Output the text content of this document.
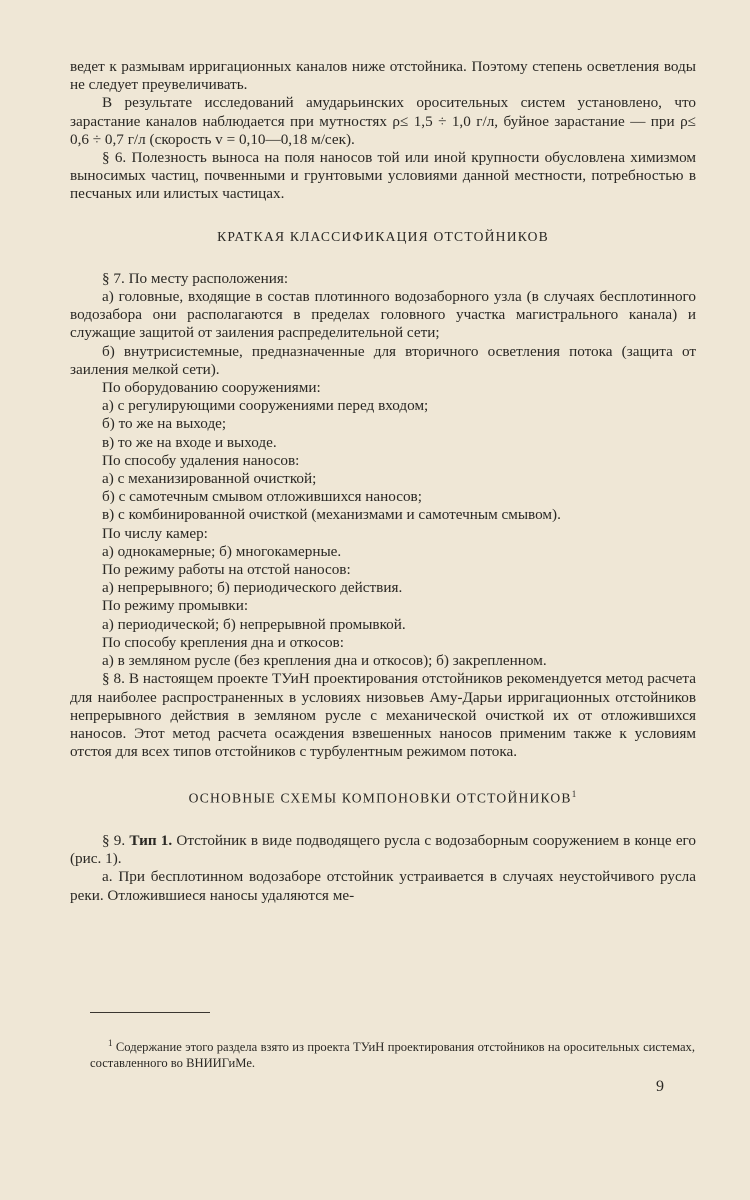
ведет к размывам ирригационных каналов ниже отстойника. Поэтому степень осветления воды не следует преувеличивать.

В результате исследований амударьинских оросительных систем установлено, что зарастание каналов наблюдается при мутностях ρ≤ 1,5 ÷ 1,0 г/л, буйное зарастание — при ρ≤ 0,6 ÷ 0,7 г/л (скорость v = 0,10—0,18 м/сек).

§ 6. Полезность выноса на поля наносов той или иной крупности обусловлена химизмом выносимых частиц, почвенными и грунтовыми условиями данной местности, потребностью в песчаных или илистых частицах.

КРАТКАЯ КЛАССИФИКАЦИЯ ОТСТОЙНИКОВ

§ 7. По месту расположения:

а) головные, входящие в состав плотинного водозаборного узла (в случаях бесплотинного водозабора они располагаются в пределах головного участка магистрального канала) и служащие защитой от заиления распределительной сети;

б) внутрисистемные, предназначенные для вторичного осветления потока (защита от заиления мелкой сети).

По оборудованию сооружениями:

а) с регулирующими сооружениями перед входом;

б) то же на выходе;

в) то же на входе и выходе.

По способу удаления наносов:

а) с механизированной очисткой;

б) с самотечным смывом отложившихся наносов;

в) с комбинированной очисткой (механизмами и самотечным смывом).

По числу камер:

а) однокамерные; б) многокамерные.

По режиму работы на отстой наносов:

а) непрерывного; б) периодического действия.

По режиму промывки:

а) периодической; б) непрерывной промывкой.

По способу крепления дна и откосов:

а) в земляном русле (без крепления дна и откосов); б) закрепленном.

§ 8. В настоящем проекте ТУиН проектирования отстойников рекомендуется метод расчета для наиболее распространенных в условиях низовьев Аму-Дарьи ирригационных отстойников непрерывного действия в земляном русле с механической очисткой их от отложившихся наносов. Этот метод расчета осаждения взвешенных наносов применим также к условиям отстоя для всех типов отстойников с турбулентным режимом потока.

ОСНОВНЫЕ СХЕМЫ КОМПОНОВКИ ОТСТОЙНИКОВ$^1$

§ 9. Тип 1. Отстойник в виде подводящего русла с водозаборным сооружением в конце его (рис. 1).

а. При бесплотинном водозаборе отстойник устраивается в случаях неустойчивого русла реки. Отложившиеся наносы удаляются ме-

$^1$ Содержание этого раздела взято из проекта ТУиН проектирования отстойников на оросительных системах, составленного во ВНИИГиМе.

9
